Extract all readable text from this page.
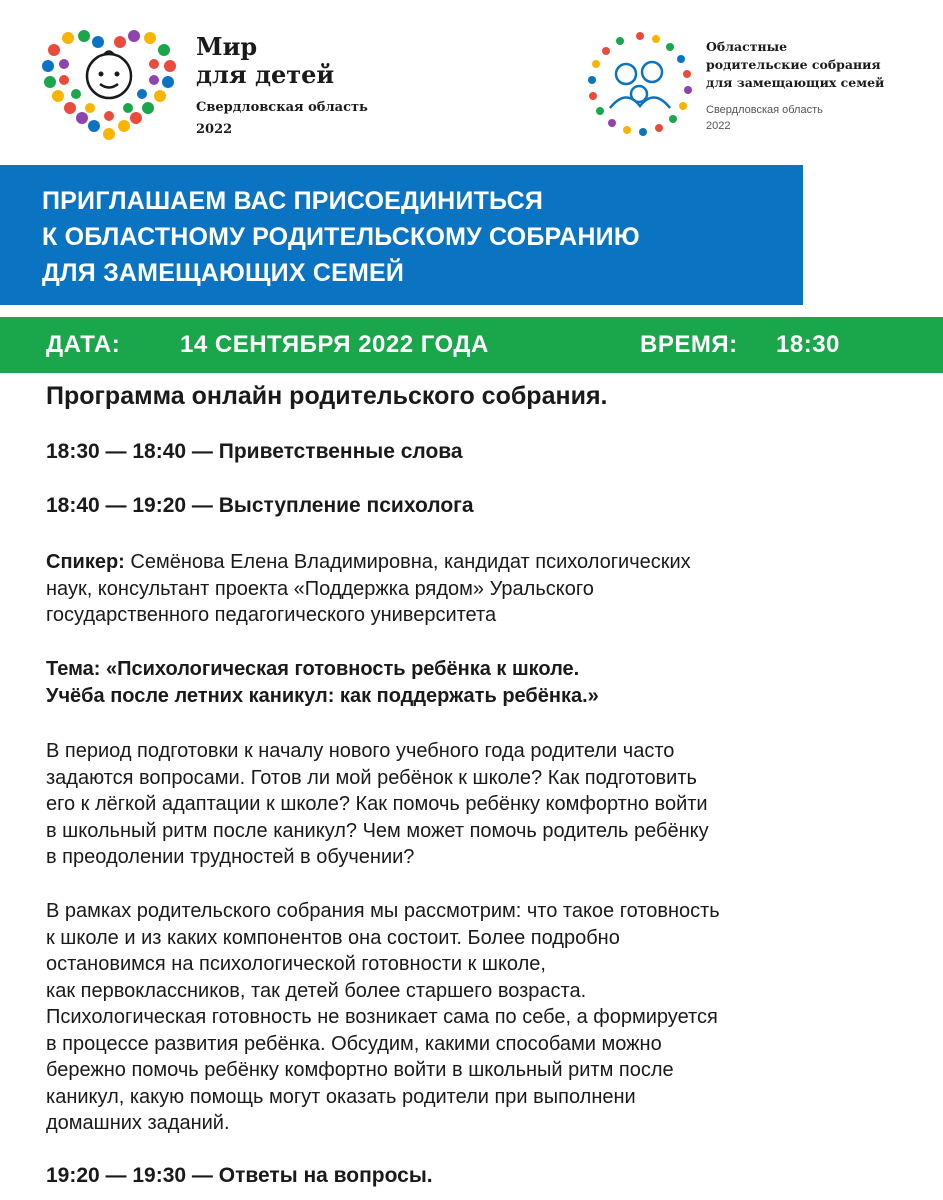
Мир
для детей
Свердловская область
2022
Областные
родительские собрания
для замещающих семей
Свердловская область
2022
ПРИГЛАШАЕМ ВАС ПРИСОЕДИНИТЬСЯ
К ОБЛАСТНОМУ РОДИТЕЛЬСКОМУ СОБРАНИЮ
ДЛЯ ЗАМЕЩАЮЩИХ СЕМЕЙ
ДАТА: 14 СЕНТЯБРЯ 2022 ГОДА	ВРЕМЯ: 18:30
Программа онлайн родительского собрания.
18:30 — 18:40 — Приветственные слова
18:40 — 19:20 — Выступление психолога
Спикер: Семёнова Елена Владимировна, кандидат психологических
наук, консультант проекта «Поддержка рядом» Уральского
государственного педагогического университета
Тема: «Психологическая готовность ребёнка к школе.
Учёба после летних каникул: как поддержать ребёнка.»
В период подготовки к началу нового учебного года родители часто
задаются вопросами. Готов ли мой ребёнок к школе? Как подготовить
его к лёгкой адаптации к школе? Как помочь ребёнку комфортно войти
в школьный ритм после каникул? Чем может помочь родитель ребёнку
в преодолении трудностей в обучении?
В рамках родительского собрания мы рассмотрим: что такое готовность
к школе и из каких компонентов она состоит. Более подробно
остановимся на психологической готовности к школе,
как первоклассников, так детей более старшего возраста.
Психологическая готовность не возникает сама по себе, а формируется
в процессе развития ребёнка. Обсудим, какими способами можно
бережно помочь ребёнку комфортно войти в школьный ритм после
каникул, какую помощь могут оказать родители при выполнени
домашних заданий.
19:20 — 19:30 — Ответы на вопросы.
